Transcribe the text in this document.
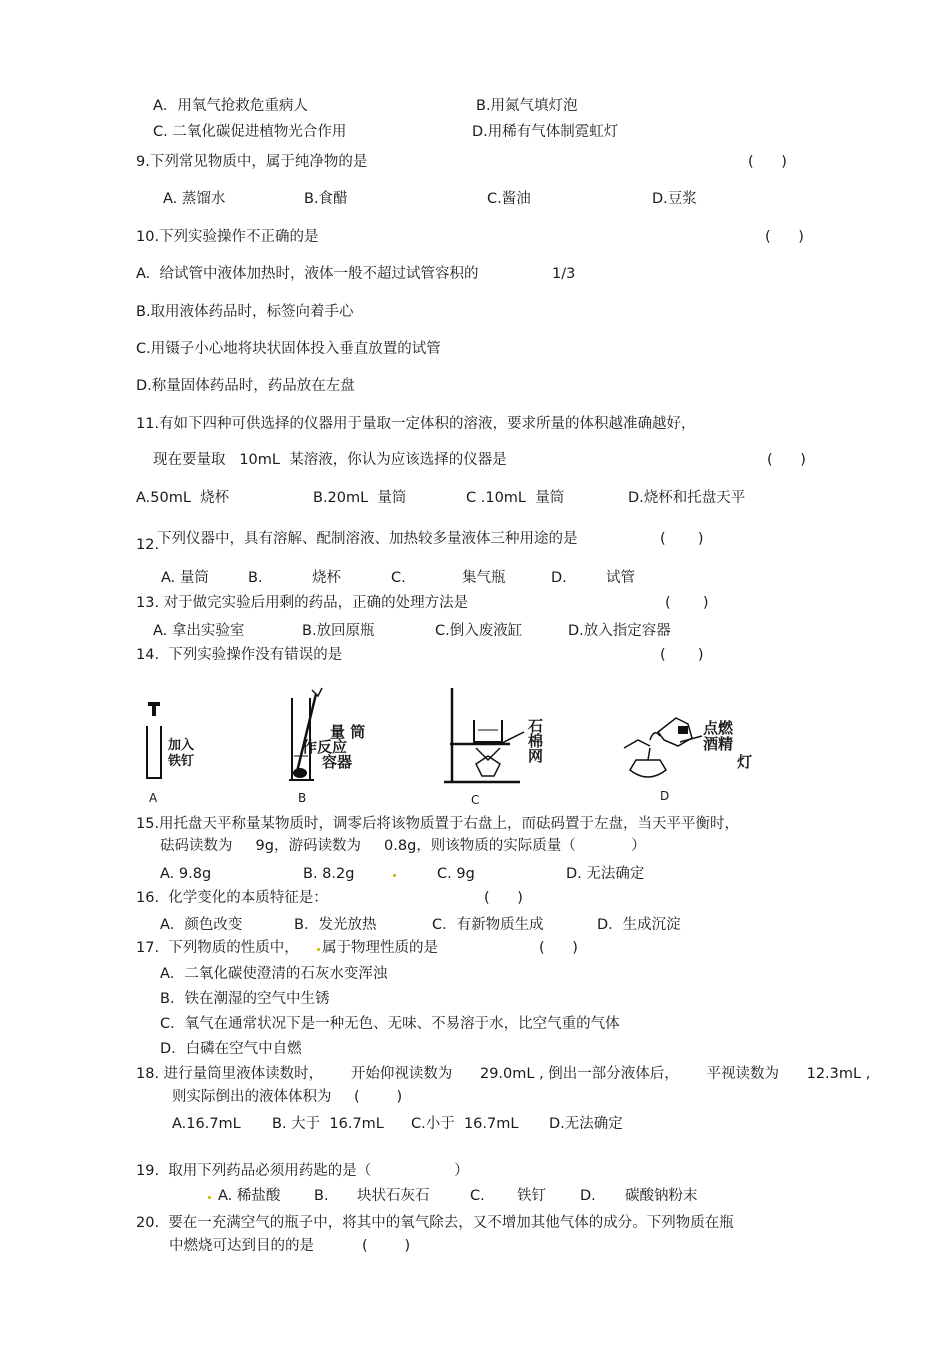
A．用氧气抢救危重病人	B.用氮气填灯泡
C. 二氧化碳促进植物光合作用	D.用稀有气体制霓虹灯
9.下列常见物质中，属于纯净物的是	(      )
A. 蒸馏水	B.食醋	C.酱油	D.豆浆
10.下列实验操作不正确的是	(      )
A.  给试管中液体加热时，液体一般不超过试管容积的	1/3
B.取用液体药品时，标签向着手心
C.用镊子小心地将块状固体投入垂直放置的试管
D.称量固体药品时，药品放在左盘
11.有如下四种可供选择的仪器用于量取一定体积的溶液，要求所量的体积越准确越好，
现在要量取   10mL  某溶液，你认为应该选择的仪器是	(      )
A.50mL  烧杯	B.20mL  量筒	C .10mL  量筒	D.烧杯和托盘天平
12.
下列仪器中，具有溶解、配制溶液、加热较多量液体三种用途的是	(       )
A. 量筒	B.	烧杯	C.	集气瓶	D.	试管
13. 对于做完实验后用剩的药品，正确的处理方法是	(       )
A. 拿出实验室	B.放回原瓶	C.倒入废液缸	D.放入指定容器
14.  下列实验操作没有错误的是	(       )
加入
铁钉
A
量 筒
作反应
容器
B
石
棉
网
C
点燃
酒精
灯
D
15.用托盘天平称量某物质时，调零后将该物质置于右盘上，而砝码置于左盘，当天平平衡时，
砝码读数为     9g，游码读数为     0.8g，则该物质的实际质量（            ）
A. 9.8g	B. 8.2g	C. 9g	D. 无法确定
16.  化学变化的本质特征是：	(      )
A．颜色改变	B．发光放热	C．有新物质生成	D．生成沉淀
17.  下列物质的性质中， 属于物理性质的是	(      )
A．二氧化碳使澄清的石灰水变浑浊
B．铁在潮湿的空气中生锈
C．氧气在通常状况下是一种无色、无味、不易溶于水，比空气重的气体
D．白磷在空气中自燃
18. 进行量筒里液体读数时，      开始仰视读数为      29.0mL , 倒出一部分液体后，      平视读数为      12.3mL ,
则实际倒出的液体体积为 (        )
A.16.7mL B. 大于  16.7mL C.小于  16.7mL D.无法确定
19.  取用下列药品必须用药匙的是（                  ）
A. 稀盐酸 B. 块状石灰石	C. 铁钉 D. 碳酸钠粉末
20.  要在一充满空气的瓶子中，将其中的氧气除去，又不增加其他气体的成分。下列物质在瓶
中燃烧可达到目的的是	(        )
